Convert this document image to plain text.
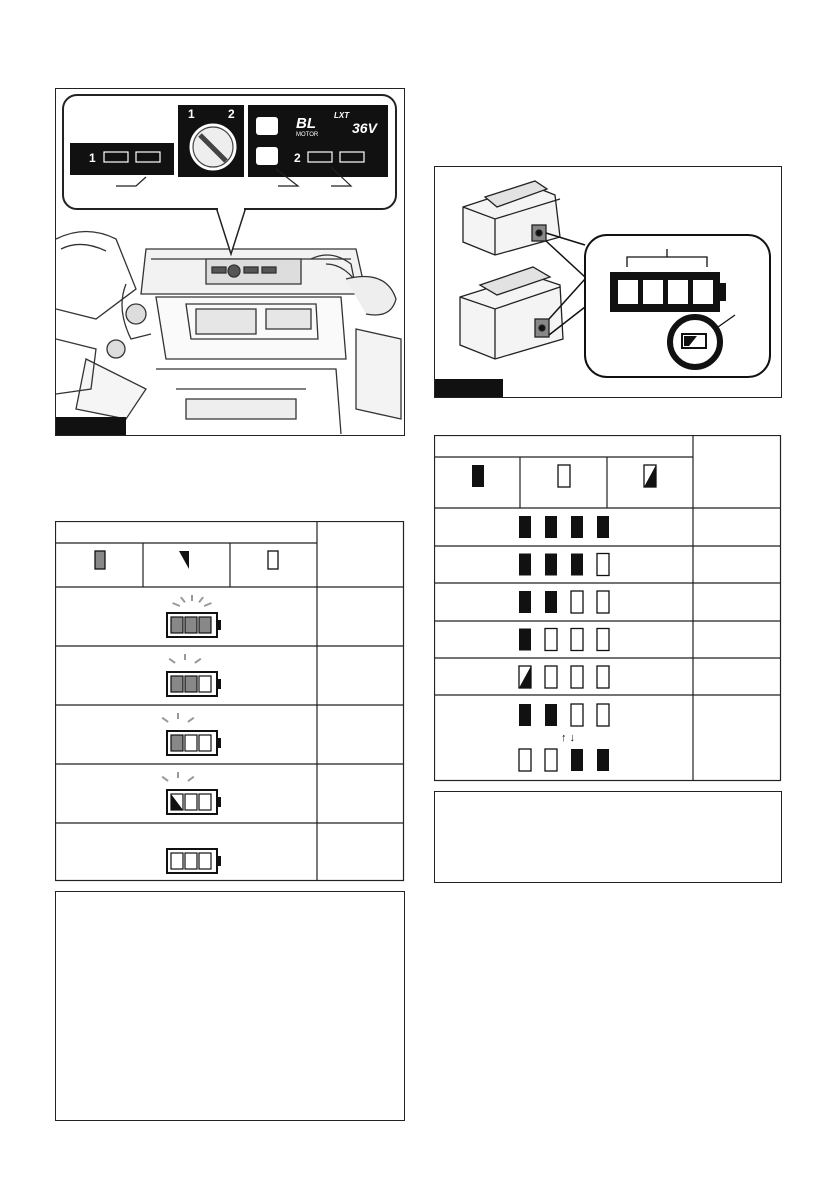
1
1	2
2
BL
MOTOR
LXT
36V
↑ ↓
